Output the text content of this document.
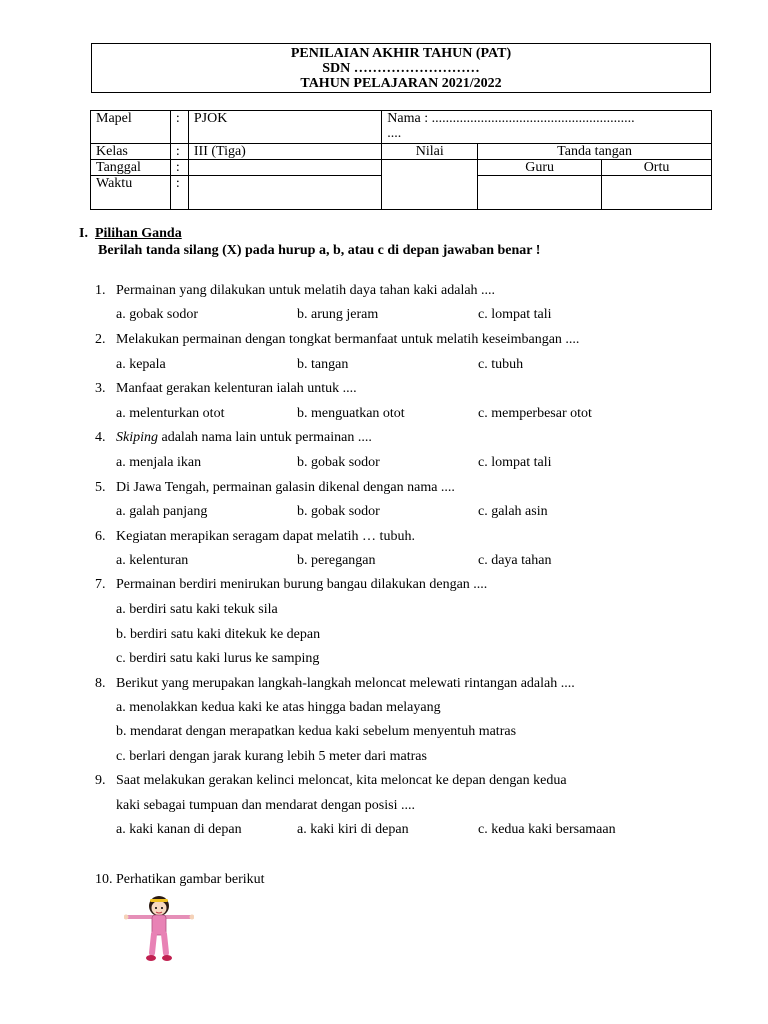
PENILAIAN AKHIR TAHUN (PAT)
SDN ………………………
TAHUN PELAJARAN 2021/2022
Mapel	:	PJOK	Nama : ..........................................................
....		

Kelas	:	III (Tiga)	Nilai	Tanda tangan	
Tanggal	:			Guru	Ortu
Waktu	:				
I. Pilihan Ganda
Berilah tanda silang (X) pada hurup a, b, atau c di depan jawaban benar !
1. Permainan yang dilakukan untuk melatih daya tahan kaki adalah ....
a. gobak sodor	b. arung jeram	c. lompat tali
2. Melakukan permainan dengan tongkat bermanfaat untuk melatih keseimbangan ....
a. kepala	b. tangan	c. tubuh
3. Manfaat gerakan kelenturan ialah untuk ....
a. melenturkan otot	b. menguatkan otot	c. memperbesar otot
4. Skiping adalah nama lain untuk permainan ....
a. menjala ikan	b. gobak sodor	c. lompat tali
5. Di Jawa Tengah, permainan galasin dikenal dengan nama ....
a. galah panjang	b. gobak sodor	c. galah asin
6. Kegiatan merapikan seragam dapat melatih … tubuh.
a. kelenturan	b. peregangan	c. daya tahan
7. Permainan berdiri menirukan burung bangau dilakukan dengan ....
a. berdiri satu kaki tekuk sila
b. berdiri satu kaki ditekuk ke depan
c. berdiri satu kaki lurus ke samping
8. Berikut yang merupakan langkah-langkah meloncat melewati rintangan adalah ....
a. menolakkan kedua kaki ke atas hingga badan melayang
b. mendarat dengan merapatkan kedua kaki sebelum menyentuh matras
c. berlari dengan jarak kurang lebih 5 meter dari matras
9. Saat melakukan gerakan kelinci meloncat, kita meloncat ke depan dengan kedua
kaki sebagai tumpuan dan mendarat dengan posisi ....
a. kaki kanan di depan	a. kaki kiri di depan	c. kedua kaki bersamaan
10. Perhatikan gambar berikut
